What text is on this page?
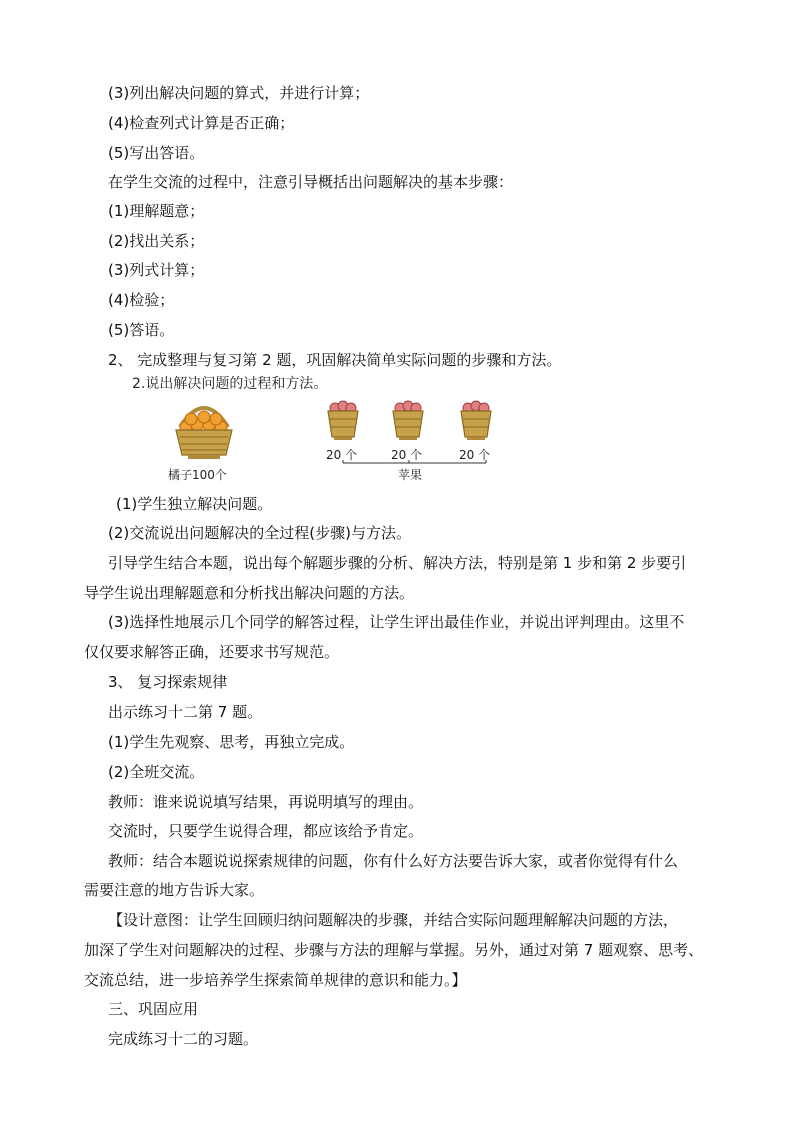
(3)列出解决问题的算式，并进行计算；
(4)检查列式计算是否正确；
(5)写出答语。
在学生交流的过程中，注意引导概括出问题解决的基本步骤：
(1)理解题意；
(2)找出关系；
(3)列式计算；
(4)检验；
(5)答语。
2、 完成整理与复习第 2 题，巩固解决简单实际问题的步骤和方法。
2.说出解决问题的过程和方法。
橘子100个
20 个	20 个	20 个
苹果
(1)学生独立解决问题。
(2)交流说出问题解决的全过程(步骤)与方法。
引导学生结合本题，说出每个解题步骤的分析、解决方法，特别是第 1 步和第 2 步要引
导学生说出理解题意和分析找出解决问题的方法。
(3)选择性地展示几个同学的解答过程，让学生评出最佳作业，并说出评判理由。这里不
仅仅要求解答正确，还要求书写规范。
3、 复习探索规律
出示练习十二第 7 题。
(1)学生先观察、思考，再独立完成。
(2)全班交流。
教师：谁来说说填写结果，再说明填写的理由。
交流时，只要学生说得合理，都应该给予肯定。
教师：结合本题说说探索规律的问题，你有什么好方法要告诉大家，或者你觉得有什么
需要注意的地方告诉大家。
【设计意图：让学生回顾归纳问题解决的步骤，并结合实际问题理解解决问题的方法，
加深了学生对问题解决的过程、步骤与方法的理解与掌握。另外，通过对第 7 题观察、思考、
交流总结，进一步培养学生探索简单规律的意识和能力。】
三、巩固应用
完成练习十二的习题。
